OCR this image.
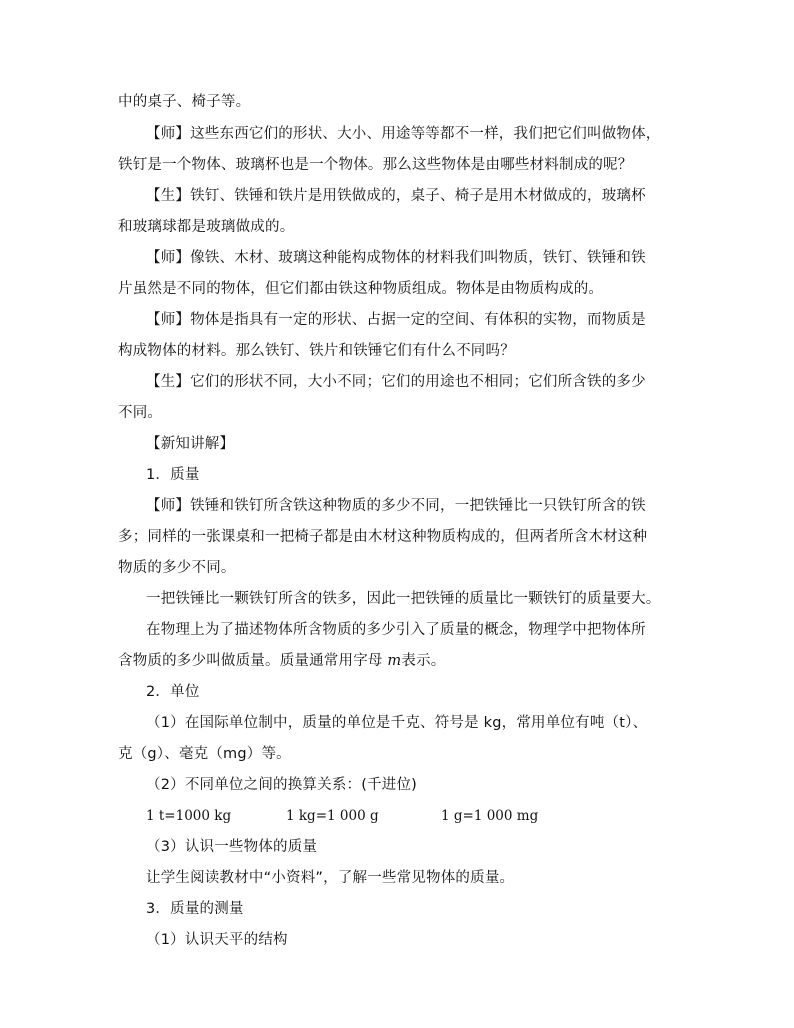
中的桌子、椅子等。
【师】这些东西它们的形状、大小、用途等等都不一样，我们把它们叫做物体，
铁钉是一个物体、玻璃杯也是一个物体。那么这些物体是由哪些材料制成的呢？
【生】铁钉、铁锤和铁片是用铁做成的，桌子、椅子是用木材做成的，玻璃杯
和玻璃球都是玻璃做成的。
【师】像铁、木材、玻璃这种能构成物体的材料我们叫物质，铁钉、铁锤和铁
片虽然是不同的物体，但它们都由铁这种物质组成。物体是由物质构成的。
【师】物体是指具有一定的形状、占据一定的空间、有体积的实物，而物质是
构成物体的材料。那么铁钉、铁片和铁锤它们有什么不同吗？
【生】它们的形状不同，大小不同；它们的用途也不相同；它们所含铁的多少
不同。
【新知讲解】
1．质量
【师】铁锤和铁钉所含铁这种物质的多少不同，一把铁锤比一只铁钉所含的铁
多；同样的一张课桌和一把椅子都是由木材这种物质构成的，但两者所含木材这种
物质的多少不同。
一把铁锤比一颗铁钉所含的铁多，因此一把铁锤的质量比一颗铁钉的质量要大。
在物理上为了描述物体所含物质的多少引入了质量的概念，物理学中把物体所
含物质的多少叫做质量。质量通常用字母 m表示。
2．单位
（1）在国际单位制中，质量的单位是千克、符号是 kg，常用单位有吨（t）、
克（g）、毫克（mg）等。
（2）不同单位之间的换算关系：(千进位)
1 t=1000 kg	1 kg=1 000 g	1 g=1 000 mg
（3）认识一些物体的质量
让学生阅读教材中“小资料”，了解一些常见物体的质量。
3．质量的测量
（1）认识天平的结构
